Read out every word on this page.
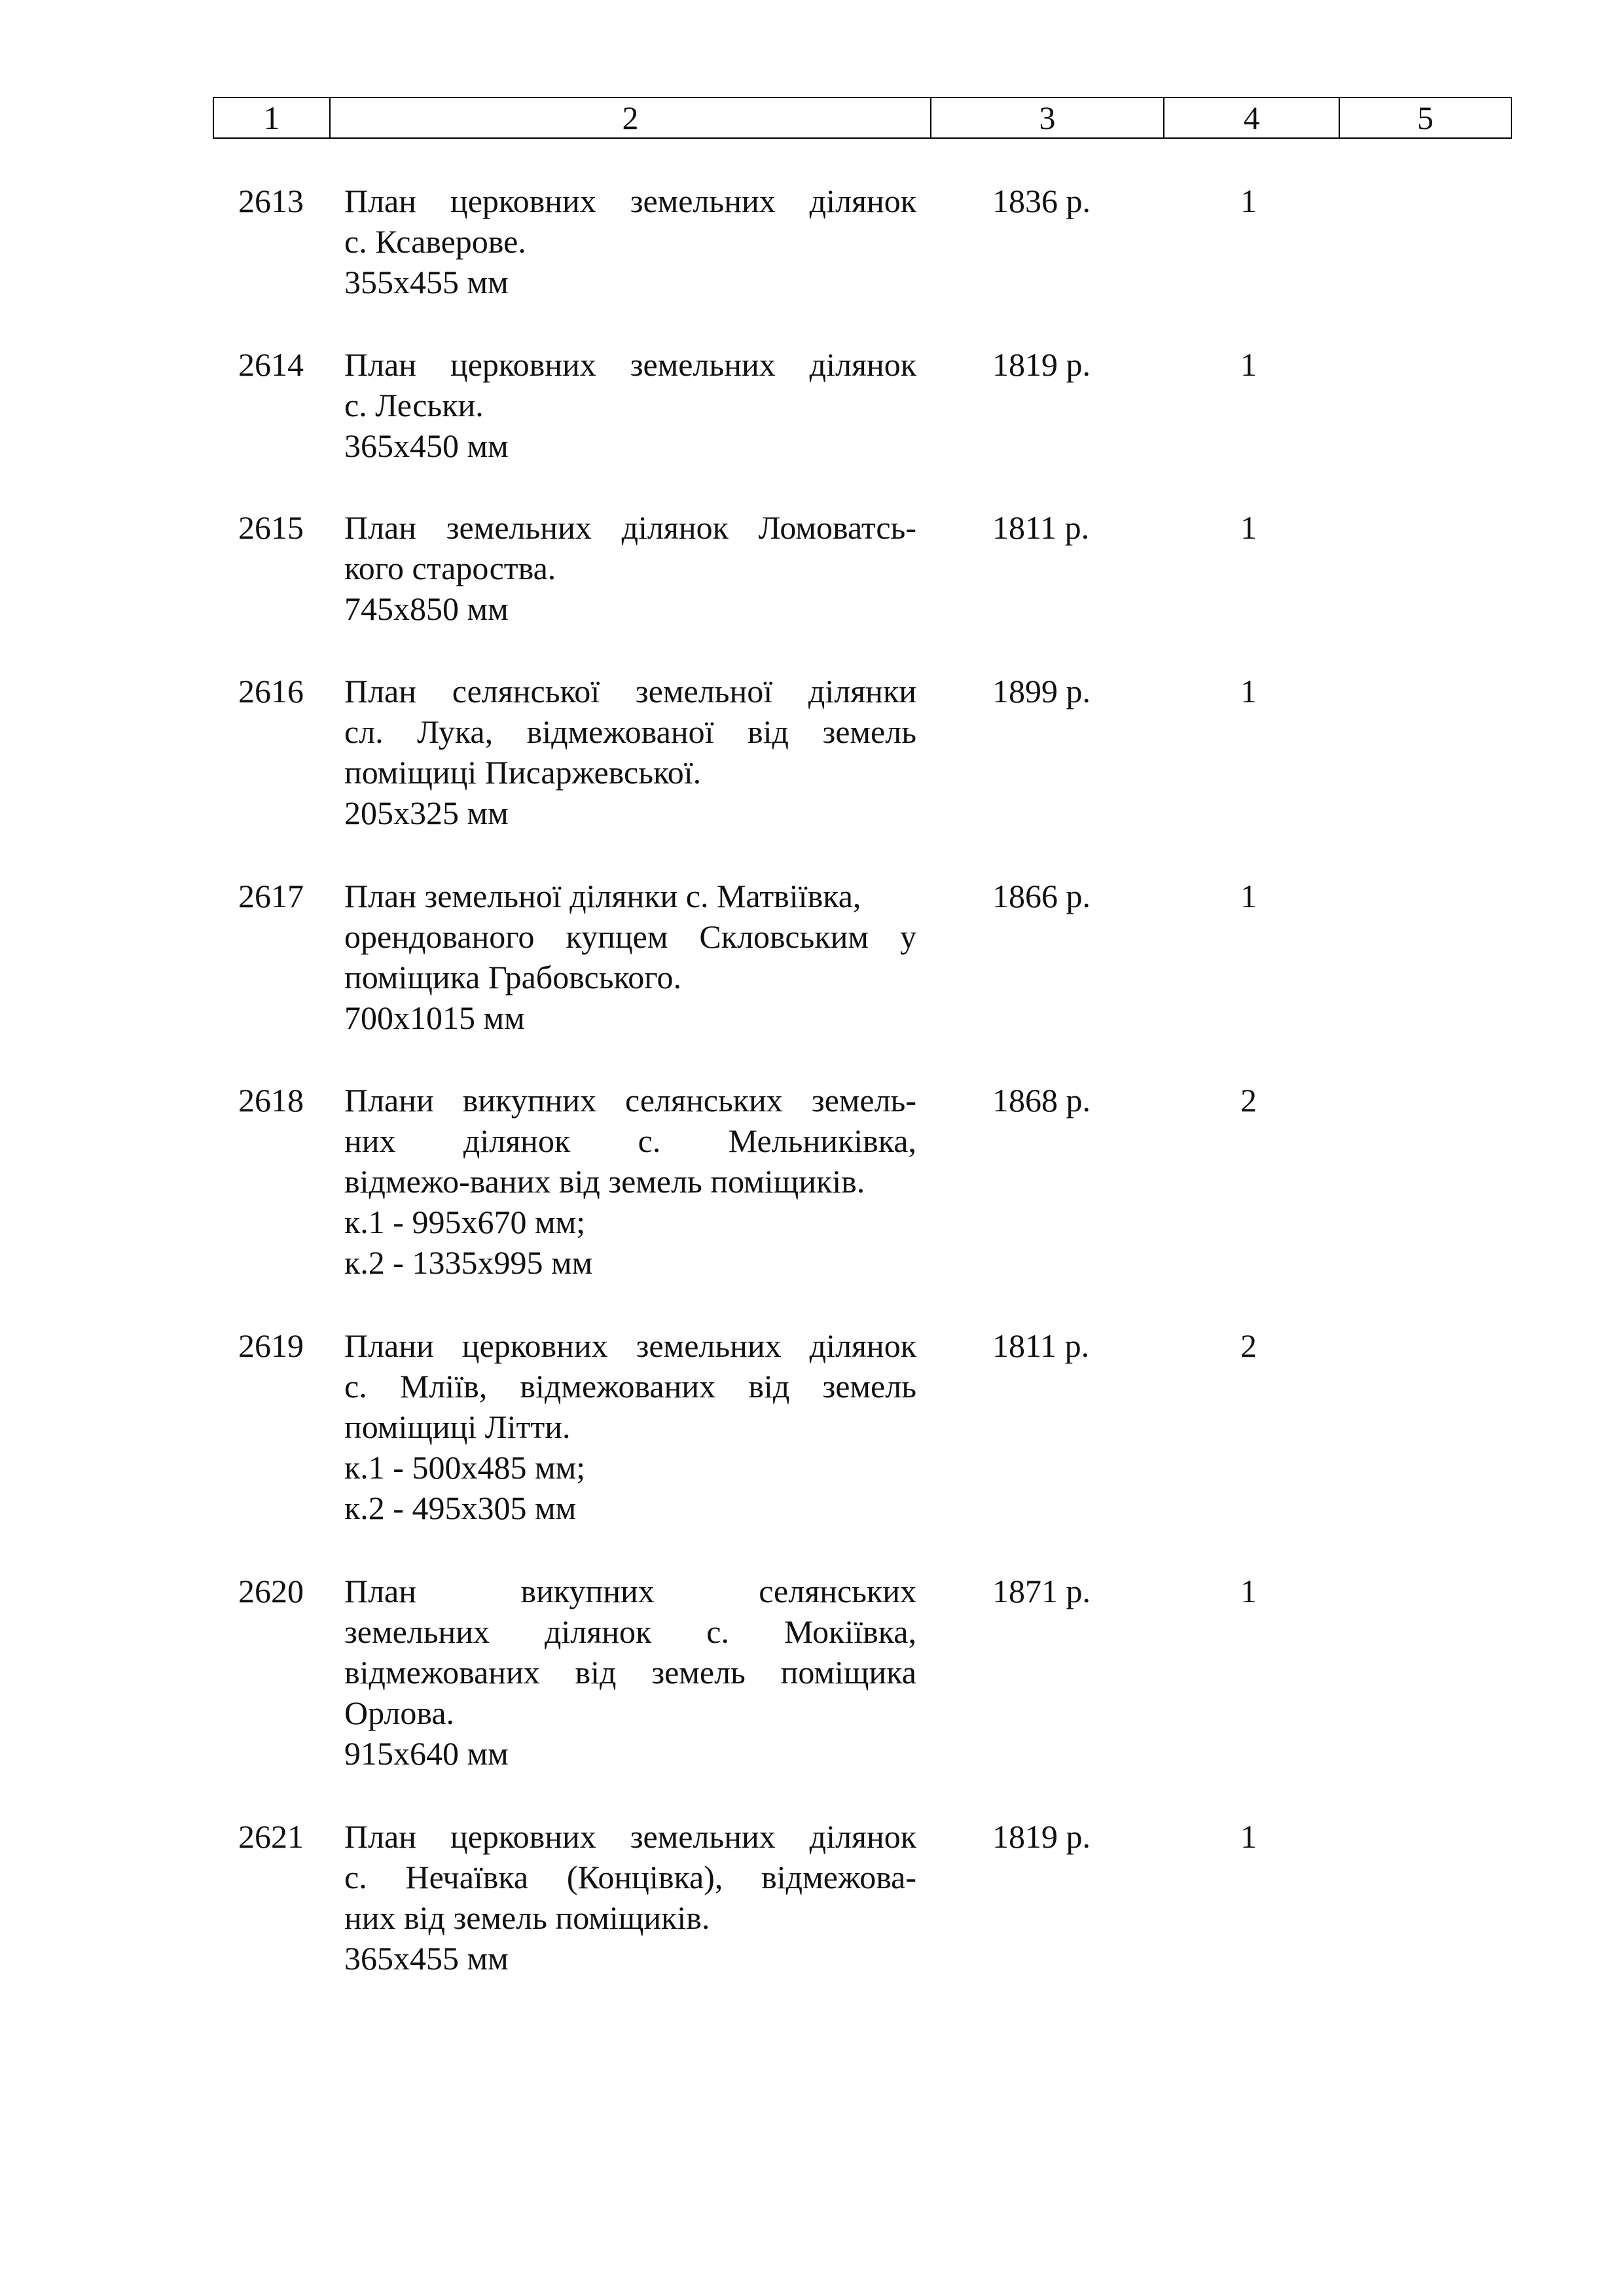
1	2	3	4	5
2613 План церковних земельних ділянок
с. Ксаверове.
355х455 мм
1836 р.	1
2614 План церковних земельних ділянок
с. Леськи.
365х450 мм
1819 р.	1
2615 План земельних ділянок Ломоватсь-
кого староства.
745х850 мм
1811 р.	1
2616 План селянської земельної ділянки
сл. Лука, відмежованої від земель
поміщиці Писаржевської.
205х325 мм
1899 р.	1
2617 План земельної ділянки с. Матвіївка,
орендованого купцем Скловським у
поміщика Грабовського.
700х1015 мм
1866 р.	1
2618 Плани викупних селянських земель-
них ділянок с. Мельниківка,
відмежо-ваних від земель поміщиків.
к.1 - 995х670 мм;
к.2 - 1335х995 мм
1868 р.	2
2619 Плани церковних земельних ділянок
с. Мліїв, відмежованих від земель
поміщиці Літти.
к.1 - 500х485 мм;
к.2 - 495х305 мм
1811 р.	2
2620 План викупних селянських
земельних ділянок с. Мокіївка,
відмежованих від земель поміщика
Орлова.
915х640 мм
1871 р.	1
2621 План церковних земельних ділянок
с. Нечаївка (Концівка), відмежова-
них від земель поміщиків.
365х455 мм
1819 р.	1
